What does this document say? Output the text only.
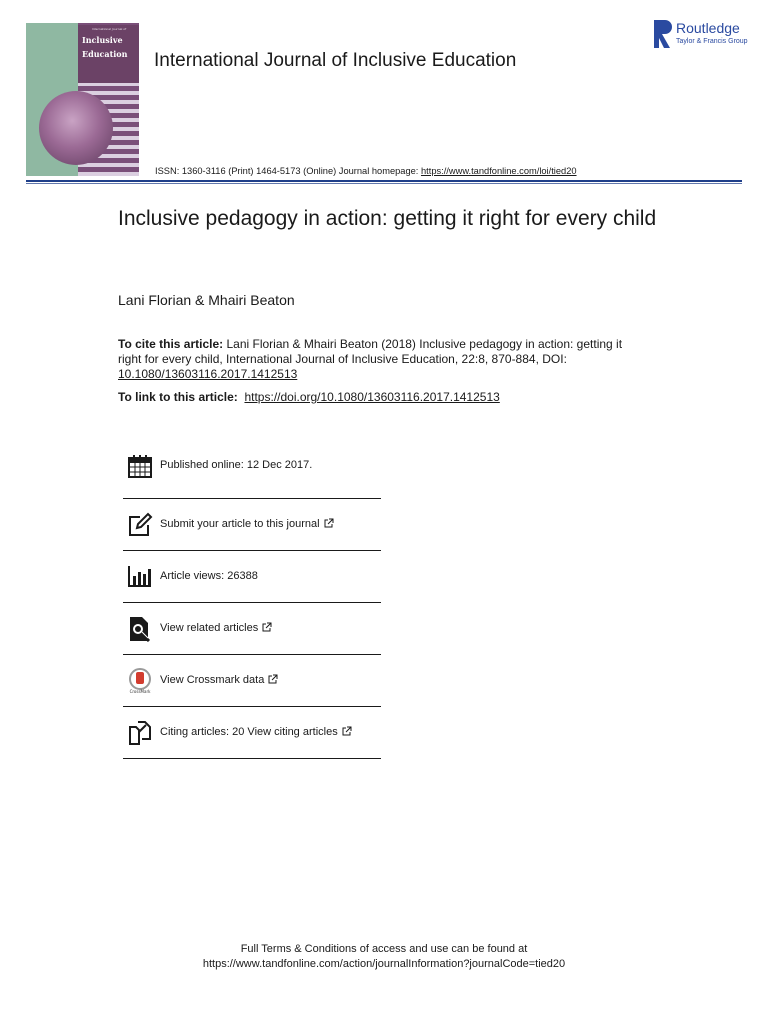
International Journal of
Inclusive
Education	International Journal of Inclusive Education
Routledge
Taylor & Francis Group
ISSN: 1360-3116 (Print) 1464-5173 (Online) Journal homepage: https://www.tandfonline.com/loi/tied20
Inclusive pedagogy in action: getting it right for every child
Lani Florian & Mhairi Beaton
To cite this article: Lani Florian & Mhairi Beaton (2018) Inclusive pedagogy in action: getting it right for every child, International Journal of Inclusive Education, 22:8, 870-884, DOI: 10.1080/13603116.2017.1412513
To link to this article: https://doi.org/10.1080/13603116.2017.1412513
Published online: 12 Dec 2017.
Submit your article to this journal
Article views: 26388
View related articles
CrossMark
View Crossmark data
Citing articles: 20 View citing articles
Full Terms & Conditions of access and use can be found at
https://www.tandfonline.com/action/journalInformation?journalCode=tied20
